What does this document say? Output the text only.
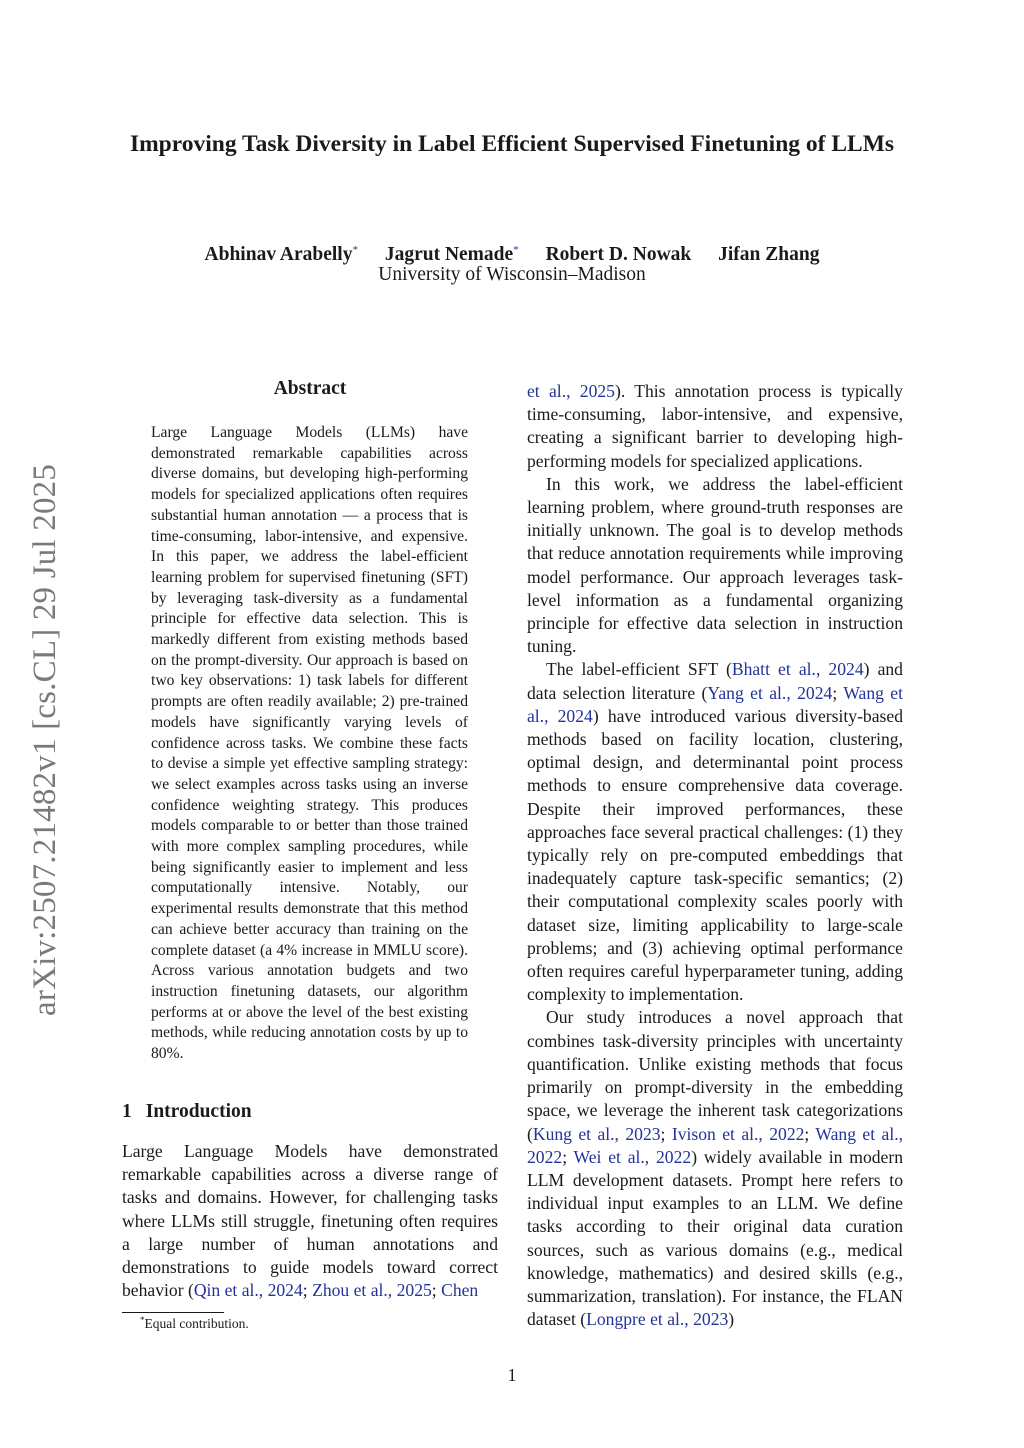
arXiv:2507.21482v1 [cs.CL] 29 Jul 2025
Improving Task Diversity in Label Efficient Supervised Finetuning of LLMs
Abhinav Arabelly* Jagrut Nemade* Robert D. Nowak Jifan Zhang
University of Wisconsin–Madison
Abstract
Large Language Models (LLMs) have demonstrated remarkable capabilities across diverse domains, but developing high-performing models for specialized applications often requires substantial human annotation — a process that is time-consuming, labor-intensive, and expensive. In this paper, we address the label-efficient learning problem for supervised finetuning (SFT) by leveraging task-diversity as a fundamental principle for effective data selection. This is markedly different from existing methods based on the prompt-diversity. Our approach is based on two key observations: 1) task labels for different prompts are often readily available; 2) pre-trained models have significantly varying levels of confidence across tasks. We combine these facts to devise a simple yet effective sampling strategy: we select examples across tasks using an inverse confidence weighting strategy. This produces models comparable to or better than those trained with more complex sampling procedures, while being significantly easier to implement and less computationally intensive. Notably, our experimental results demonstrate that this method can achieve better accuracy than training on the complete dataset (a 4% increase in MMLU score). Across various annotation budgets and two instruction finetuning datasets, our algorithm performs at or above the level of the best existing methods, while reducing annotation costs by up to 80%.
1 Introduction
Large Language Models have demonstrated remarkable capabilities across a diverse range of tasks and domains. However, for challenging tasks where LLMs still struggle, finetuning often requires a large number of human annotations and demonstrations to guide models toward correct behavior (Qin et al., 2024; Zhou et al., 2025; Chen
*Equal contribution.

et al., 2025). This annotation process is typically time-consuming, labor-intensive, and expensive, creating a significant barrier to developing high-performing models for specialized applications.

In this work, we address the label-efficient learning problem, where ground-truth responses are initially unknown. The goal is to develop methods that reduce annotation requirements while improving model performance. Our approach leverages task-level information as a fundamental organizing principle for effective data selection in instruction tuning.

The label-efficient SFT (Bhatt et al., 2024) and data selection literature (Yang et al., 2024; Wang et al., 2024) have introduced various diversity-based methods based on facility location, clustering, optimal design, and determinantal point process methods to ensure comprehensive data coverage. Despite their improved performances, these approaches face several practical challenges: (1) they typically rely on pre-computed embeddings that inadequately capture task-specific semantics; (2) their computational complexity scales poorly with dataset size, limiting applicability to large-scale problems; and (3) achieving optimal performance often requires careful hyperparameter tuning, adding complexity to implementation.

Our study introduces a novel approach that combines task-diversity principles with uncertainty quantification. Unlike existing methods that focus primarily on prompt-diversity in the embedding space, we leverage the inherent task categorizations (Kung et al., 2023; Ivison et al., 2022; Wang et al., 2022; Wei et al., 2022) widely available in modern LLM development datasets. Prompt here refers to individual input examples to an LLM. We define tasks according to their original data curation sources, such as various domains (e.g., medical knowledge, mathematics) and desired skills (e.g., summarization, translation). For instance, the FLAN dataset (Longpre et al., 2023)

1
